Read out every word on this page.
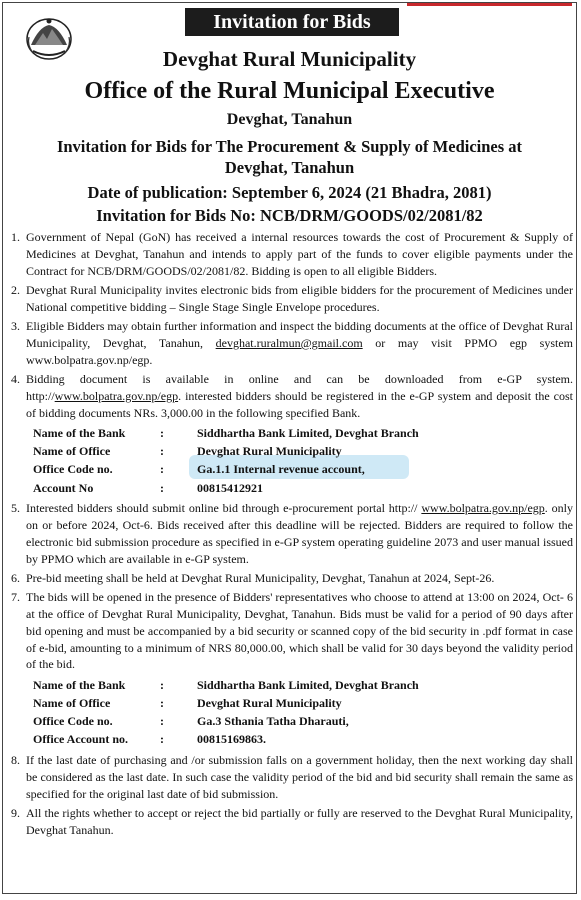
Invitation for Bids
Devghat Rural Municipality
Office of the Rural Municipal Executive
Devghat, Tanahun
Invitation for Bids for The Procurement & Supply of Medicines at Devghat, Tanahun
Date of publication: September 6, 2024 (21 Bhadra, 2081)
Invitation for Bids No: NCB/DRM/GOODS/02/2081/82
1. Government of Nepal (GoN) has received a internal resources towards the cost of Procurement & Supply of Medicines at Devghat, Tanahun and intends to apply part of the funds to cover eligible payments under the Contract for NCB/DRM/GOODS/02/2081/82. Bidding is open to all eligible Bidders.
2. Devghat Rural Municipality invites electronic bids from eligible bidders for the procurement of Medicines under National competitive bidding – Single Stage Single Envelope procedures.
3. Eligible Bidders may obtain further information and inspect the bidding documents at the office of Devghat Rural Municipality, Devghat, Tanahun, devghat.ruralmun@gmail.com or may visit PPMO egp system www.bolpatra.gov.np/egp.
4. Bidding document is available in online and can be downloaded from e-GP system. http://www.bolpatra.gov.np/egp. interested bidders should be registered in the e-GP system and deposit the cost of bidding documents NRs. 3,000.00 in the following specified Bank.
Name of the Bank	:	Siddhartha Bank Limited, Devghat Branch
Name of Office	:	Devghat Rural Municipality
Office Code no.	:	Ga.1.1 Internal revenue account,
Account No	:	00815412921
5. Interested bidders should submit online bid through e-procurement portal http:// www.bolpatra.gov.np/egp. only on or before 2024, Oct-6. Bids received after this deadline will be rejected. Bidders are required to follow the electronic bid submission procedure as specified in e-GP system operating guideline 2073 and user manual issued by PPMO which are available in e-GP system.
6. Pre-bid meeting shall be held at Devghat Rural Municipality, Devghat, Tanahun at 2024, Sept-26.
7. The bids will be opened in the presence of Bidders' representatives who choose to attend at 13:00 on 2024, Oct- 6 at the office of Devghat Rural Municipality, Devghat, Tanahun. Bids must be valid for a period of 90 days after bid opening and must be accompanied by a bid security or scanned copy of the bid security in .pdf format in case of e-bid, amounting to a minimum of NRS 80,000.00, which shall be valid for 30 days beyond the validity period of the bid.
Name of the Bank	:	Siddhartha Bank Limited, Devghat Branch
Name of Office	:	Devghat Rural Municipality
Office Code no.	:	Ga.3 Sthania Tatha Dharauti,
Office Account no.	:	00815169863.
8. If the last date of purchasing and /or submission falls on a government holiday, then the next working day shall be considered as the last date. In such case the validity period of the bid and bid security shall remain the same as specified for the original last date of bid submission.
9. All the rights whether to accept or reject the bid partially or fully are reserved to the Devghat Rural Municipality, Devghat Tanahun.
